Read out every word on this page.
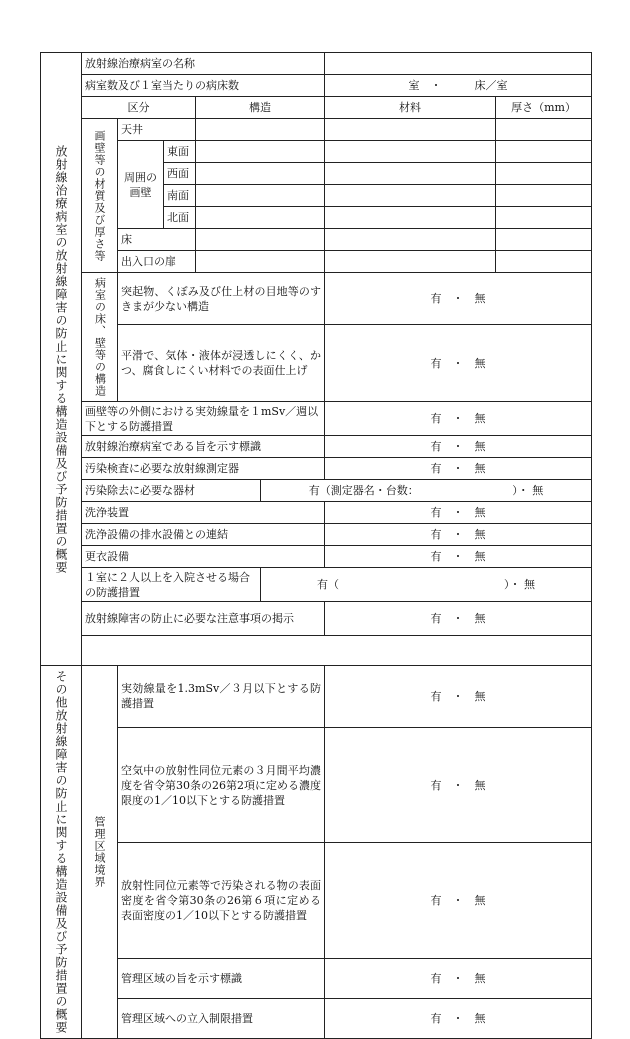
放射線治療病室の放射線障害の防止に関する構造設備及び予防措置の概要	放射線治療病室の名称						
	病室数及び１室当たりの病床数					室　・　　　床／室	
	区分			構造		材料	厚さ（mm）
	画壁等の材質及び厚さ等	天井					
		周囲の画壁	東面				
			西面				
			南面				
			北面				
		床					
		出入口の扉					
	病室の床、壁等の構造	突起物、くぼみ及び仕上材の目地等のすきまが少ない構造				有　・　無	
		平滑で、気体・液体が浸透しにくく、かつ、腐食しにくい材料での表面仕上げ				有　・　無	
	画壁等の外側における実効線量を１mSv／週以下とする防護措置					有　・　無	
	放射線治療病室である旨を示す標識					有　・　無	
	汚染検査に必要な放射線測定器					有　・　無	
	汚染除去に必要な器材				有（測定器名・台数：　　　　　　　　　）・ 無		
	洗浄装置					有　・　無	
	洗浄設備の排水設備との連結					有　・　無	
	更衣設備					有　・　無	
	１室に２人以上を入院させる場合の防護措置				有（　　　　　　　　　　　　　　　）・ 無		
	放射線障害の防止に必要な注意事項の掲示					有　・　無	

その他放射線障害の防止に関する構造設備及び予防措置の概要	管理区域境界	実効線量を1.3mSv／３月以下とする防護措置				有　・　無	
		空気中の放射性同位元素の３月間平均濃度を省令第30条の26第2項に定める濃度限度の1／10以下とする防護措置				有　・　無	
		放射性同位元素等で汚染される物の表面密度を省令第30条の26第６項に定める表面密度の1／10以下とする防護措置				有　・　無	
		管理区域の旨を示す標識				有　・　無	
		管理区域への立入制限措置				有　・　無	
